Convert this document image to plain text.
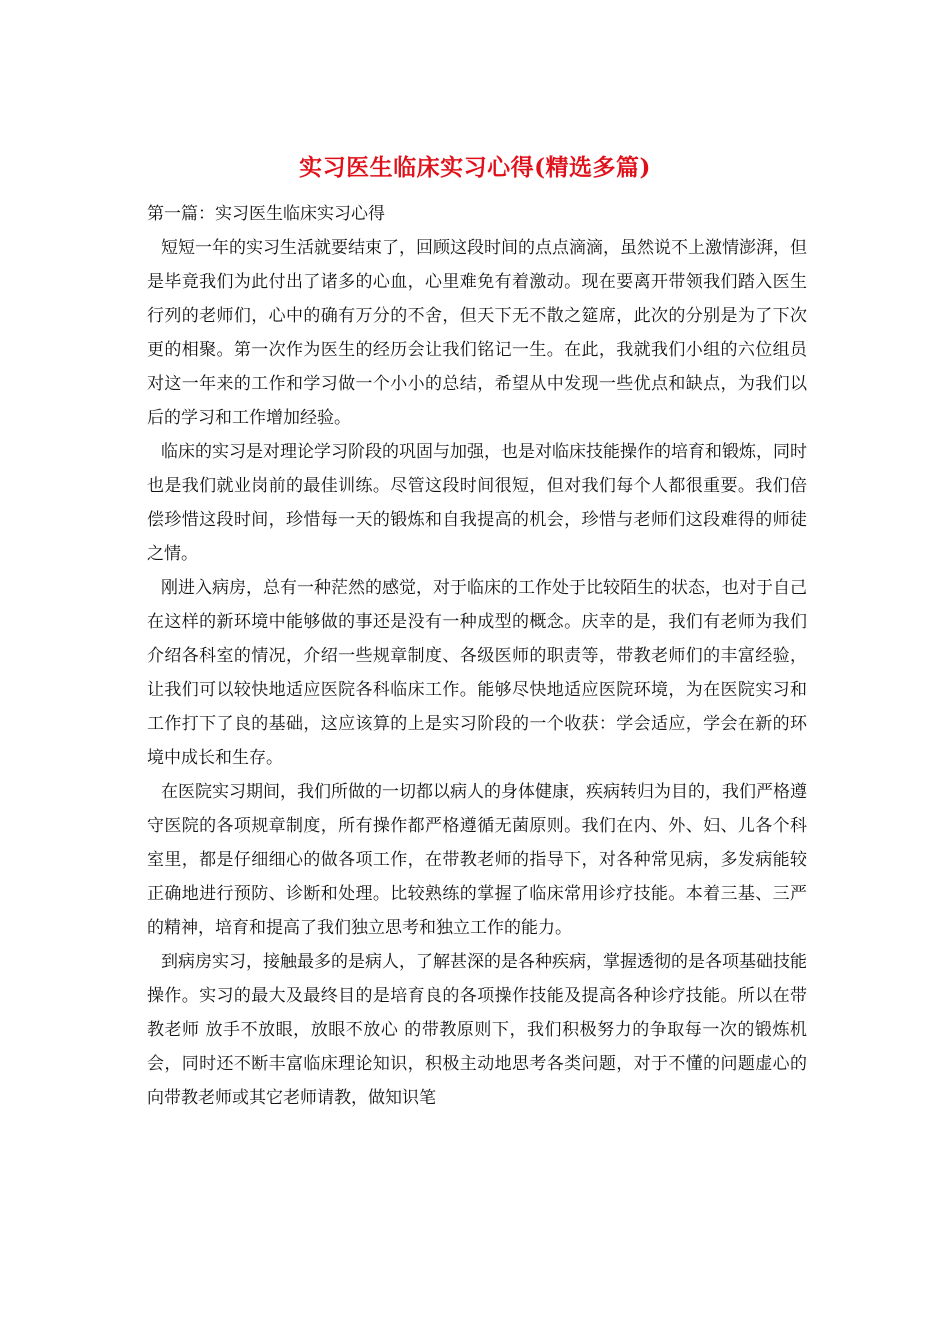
实习医生临床实习心得(精选多篇)

第一篇：实习医生临床实习心得

短短一年的实习生活就要结束了，回顾这段时间的点点滴滴，虽然说不上激情澎湃，但是毕竟我们为此付出了诸多的心血，心里难免有着激动。现在要离开带领我们踏入医生行列的老师们，心中的确有万分的不舍，但天下无不散之筵席，此次的分别是为了下次更的相聚。第一次作为医生的经历会让我们铭记一生。在此，我就我们小组的六位组员对这一年来的工作和学习做一个小小的总结，希望从中发现一些优点和缺点，为我们以后的学习和工作增加经验。

临床的实习是对理论学习阶段的巩固与加强，也是对临床技能操作的培育和锻炼，同时也是我们就业岗前的最佳训练。尽管这段时间很短，但对我们每个人都很重要。我们倍偿珍惜这段时间，珍惜每一天的锻炼和自我提高的机会，珍惜与老师们这段难得的师徒之情。

刚进入病房，总有一种茫然的感觉，对于临床的工作处于比较陌生的状态，也对于自己在这样的新环境中能够做的事还是没有一种成型的概念。庆幸的是，我们有老师为我们介绍各科室的情况，介绍一些规章制度、各级医师的职责等，带教老师们的丰富经验，让我们可以较快地适应医院各科临床工作。能够尽快地适应医院环境，为在医院实习和工作打下了良的基础，这应该算的上是实习阶段的一个收获：学会适应，学会在新的环境中成长和生存。

在医院实习期间，我们所做的一切都以病人的身体健康，疾病转归为目的，我们严格遵守医院的各项规章制度，所有操作都严格遵循无菌原则。我们在内、外、妇、儿各个科室里，都是仔细细心的做各项工作，在带教老师的指导下，对各种常见病，多发病能较正确地进行预防、诊断和处理。比较熟练的掌握了临床常用诊疗技能。本着三基、三严的精神，培育和提高了我们独立思考和独立工作的能力。

到病房实习，接触最多的是病人，了解甚深的是各种疾病，掌握透彻的是各项基础技能操作。实习的最大及最终目的是培育良的各项操作技能及提高各种诊疗技能。所以在带教老师 放手不放眼，放眼不放心 的带教原则下，我们积极努力的争取每一次的锻炼机会，同时还不断丰富临床理论知识，积极主动地思考各类问题，对于不懂的问题虚心的向带教老师或其它老师请教，做知识笔
